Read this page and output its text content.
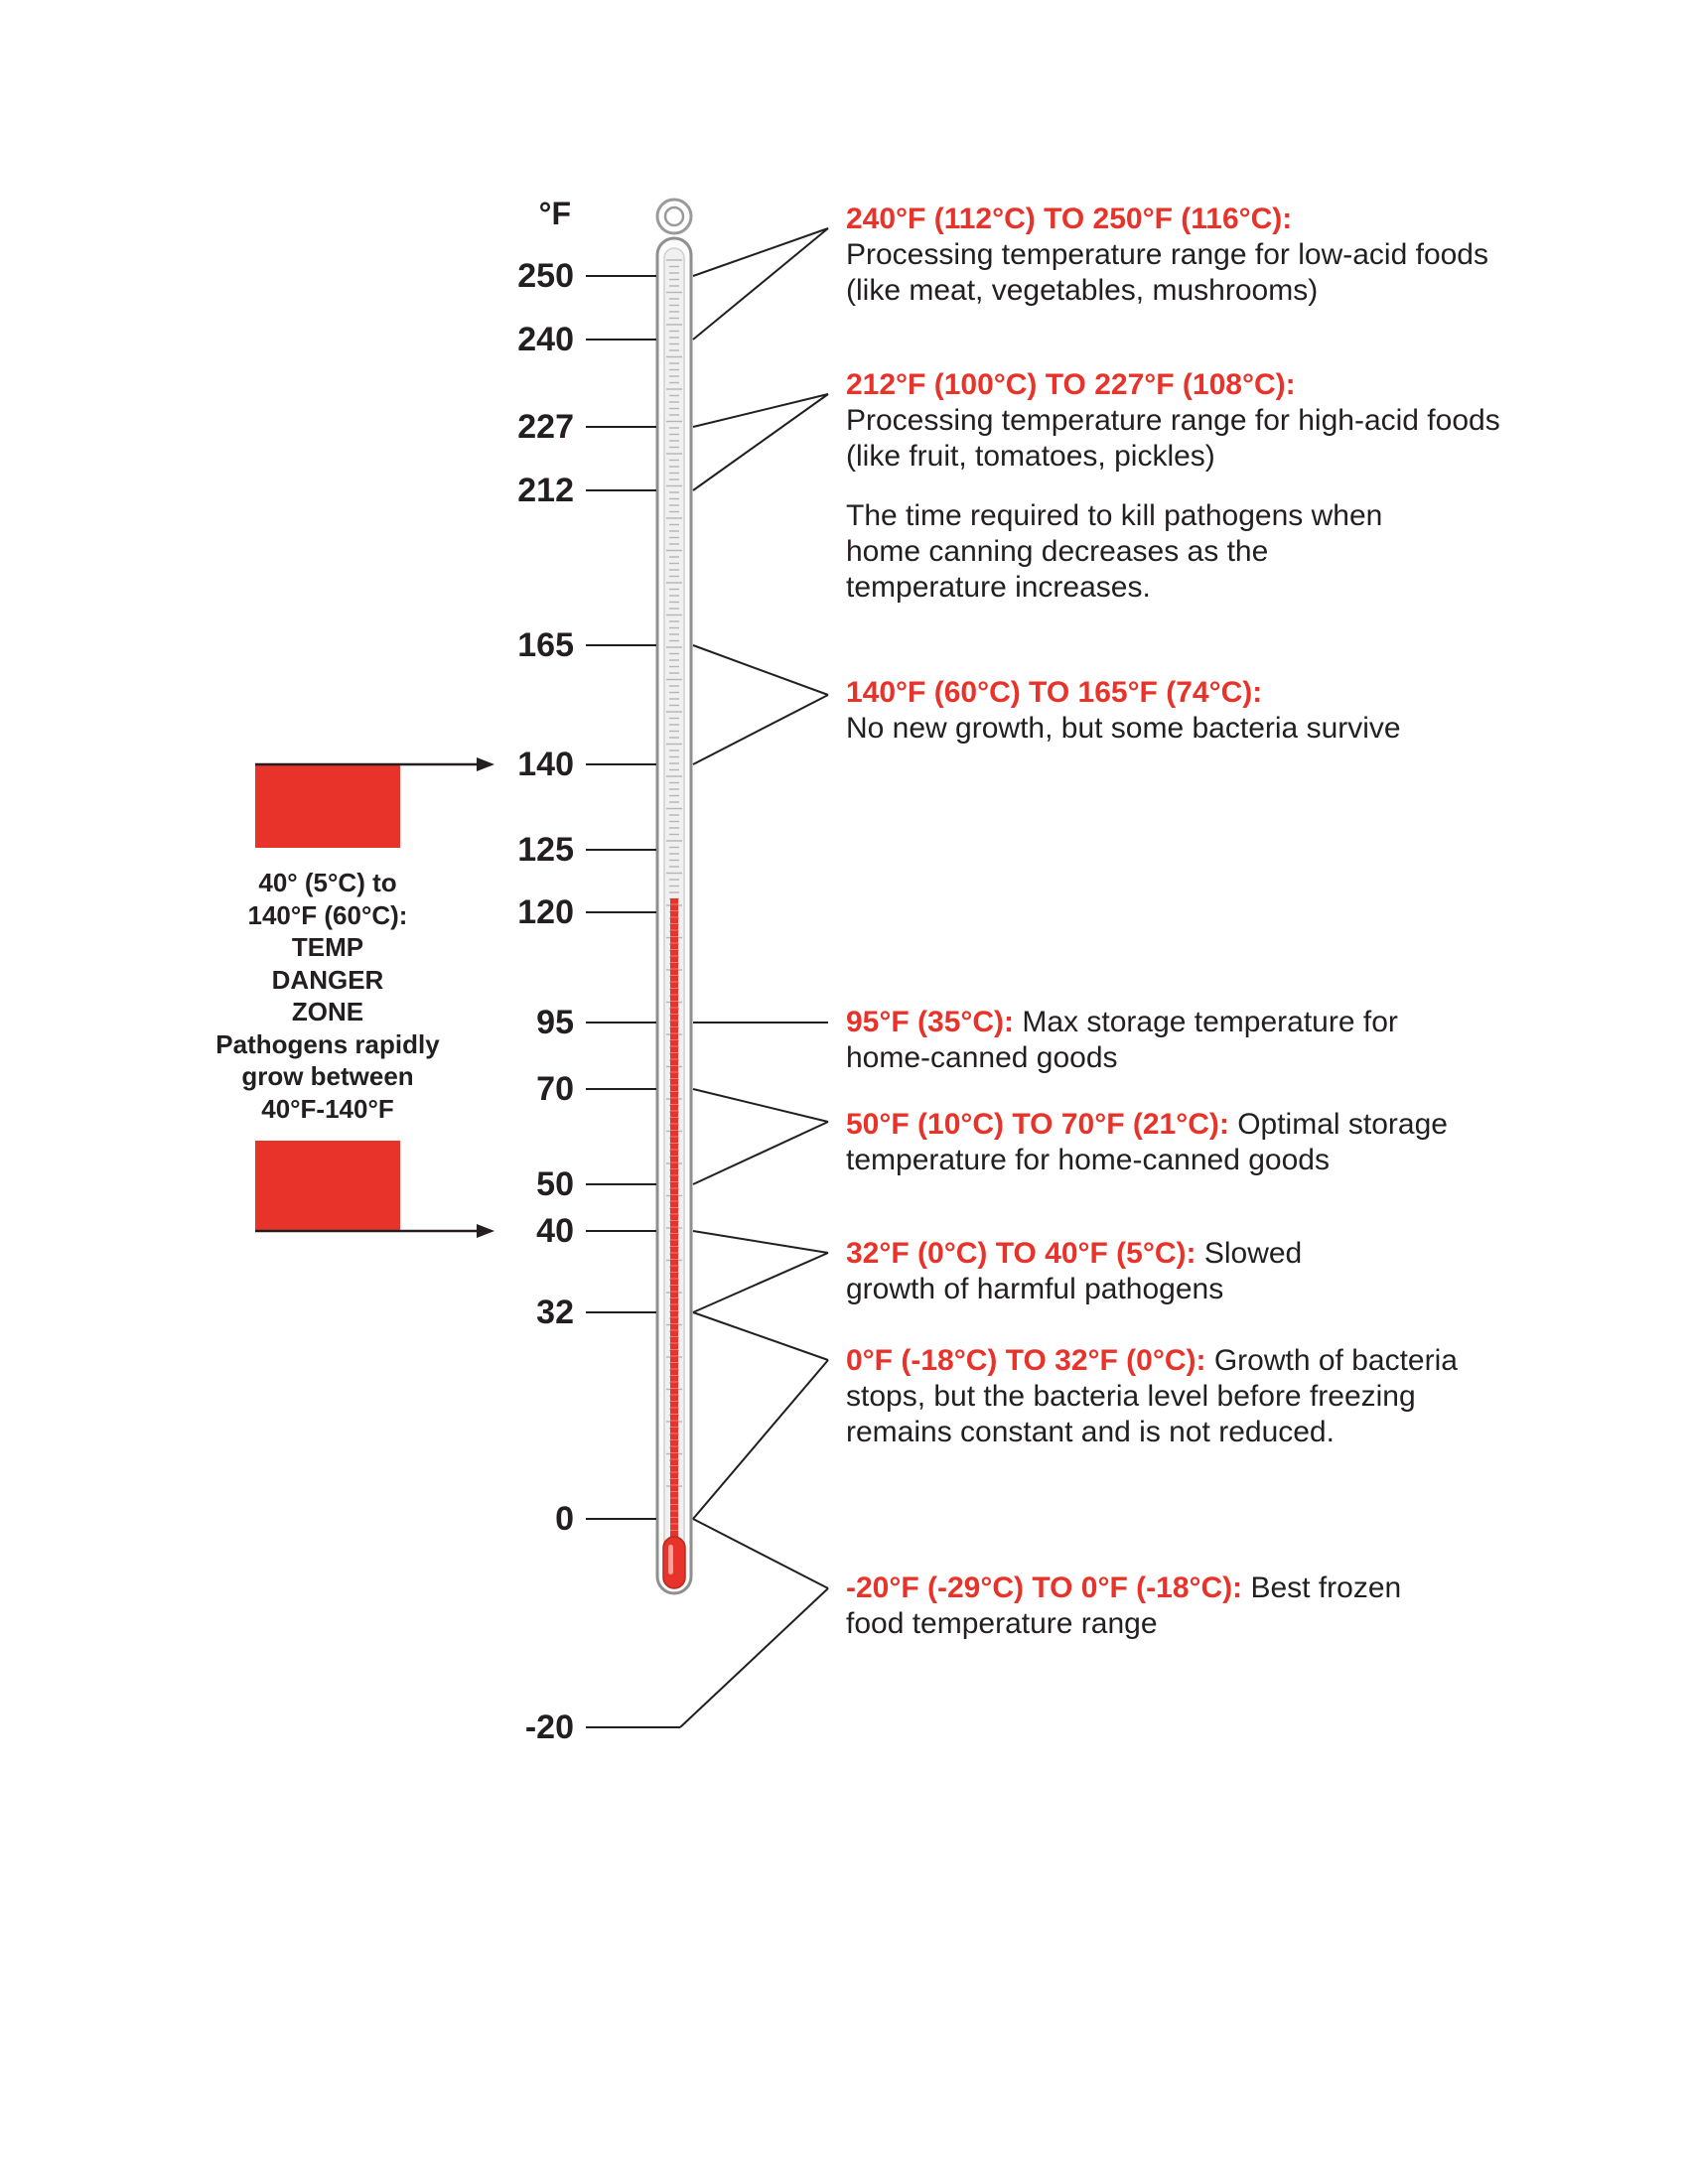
°F
250
240
227
212
165
140
125
120
95
70
50
40
32
0
-20
40° (5°C) to
140°F (60°C):
TEMP
DANGER
ZONE
Pathogens rapidly
grow between
40°F-140°F
240°F (112°C) TO 250°F (116°C):
Processing temperature range for low-acid foods (like meat, vegetables, mushrooms)
212°F (100°C) TO 227°F (108°C):
Processing temperature range for high-acid foods (like fruit, tomatoes, pickles)
The time required to kill pathogens when home canning decreases as the temperature increases.
140°F (60°C) TO 165°F (74°C):
No new growth, but some bacteria survive
95°F (35°C): Max storage temperature for home-canned goods
50°F (10°C) TO 70°F (21°C): Optimal storage temperature for home-canned goods
32°F (0°C) TO 40°F (5°C): Slowed growth of harmful pathogens
0°F (-18°C) TO 32°F (0°C): Growth of bacteria stops, but the bacteria level before freezing remains constant and is not reduced.
-20°F (-29°C) TO 0°F (-18°C): Best frozen food temperature range
